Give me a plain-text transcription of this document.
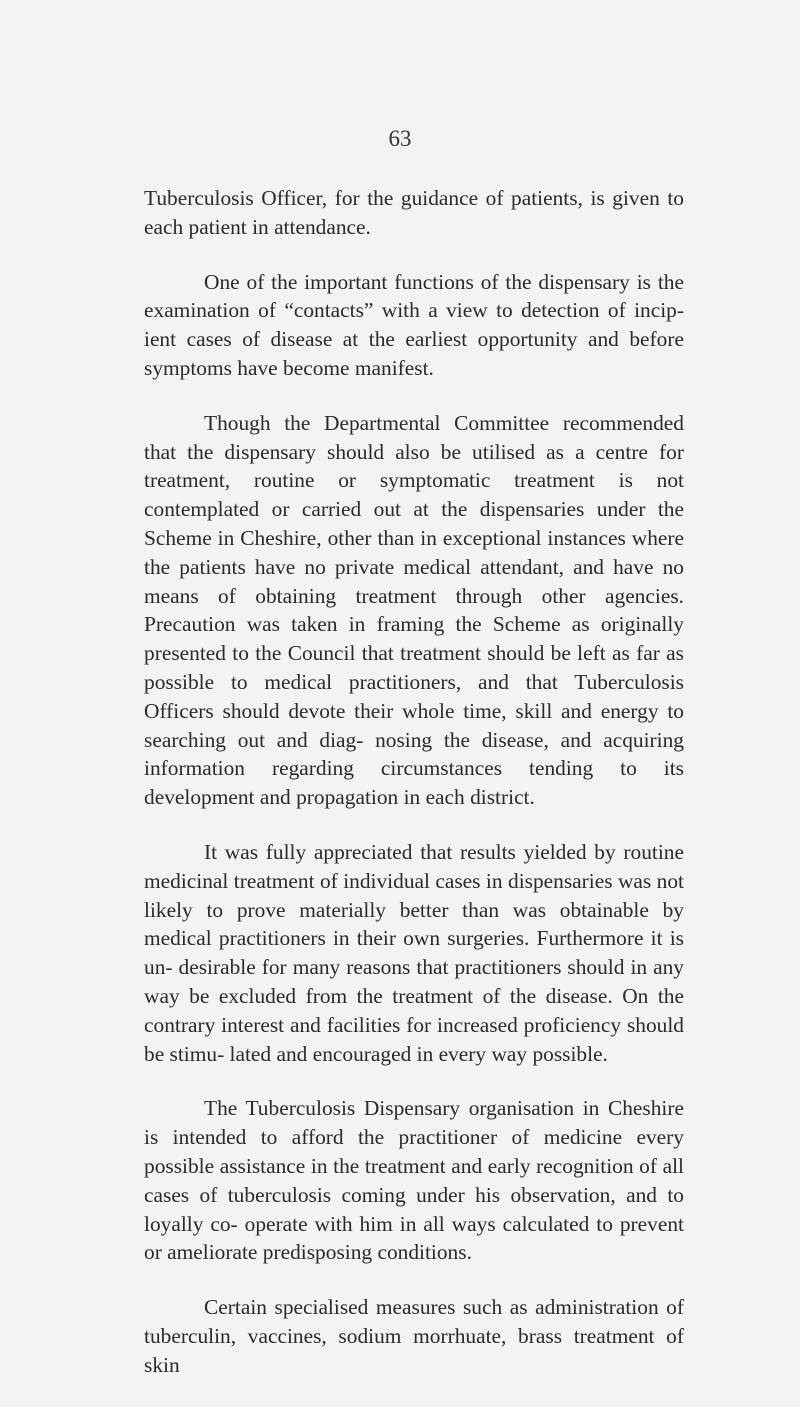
63

Tuberculosis Officer, for the guidance of patients, is given to each patient in attendance.

One of the important functions of the dispensary is the examination of “contacts” with a view to detection of incip- ient cases of disease at the earliest opportunity and before symptoms have become manifest.

Though the Departmental Committee recommended that the dispensary should also be utilised as a centre for treatment, routine or symptomatic treatment is not contemplated or carried out at the dispensaries under the Scheme in Cheshire, other than in exceptional instances where the patients have no private medical attendant, and have no means of obtaining treatment through other agencies. Precaution was taken in framing the Scheme as originally presented to the Council that treatment should be left as far as possible to medical practitioners, and that Tuberculosis Officers should devote their whole time, skill and energy to searching out and diag- nosing the disease, and acquiring information regarding circumstances tending to its development and propagation in each district.

It was fully appreciated that results yielded by routine medicinal treatment of individual cases in dispensaries was not likely to prove materially better than was obtainable by medical practitioners in their own surgeries. Furthermore it is un- desirable for many reasons that practitioners should in any way be excluded from the treatment of the disease. On the contrary interest and facilities for increased proficiency should be stimu- lated and encouraged in every way possible.

The Tuberculosis Dispensary organisation in Cheshire is intended to afford the practitioner of medicine every possible assistance in the treatment and early recognition of all cases of tuberculosis coming under his observation, and to loyally co- operate with him in all ways calculated to prevent or ameliorate predisposing conditions.

Certain specialised measures such as administration of tuberculin, vaccines, sodium morrhuate, brass treatment of skin
